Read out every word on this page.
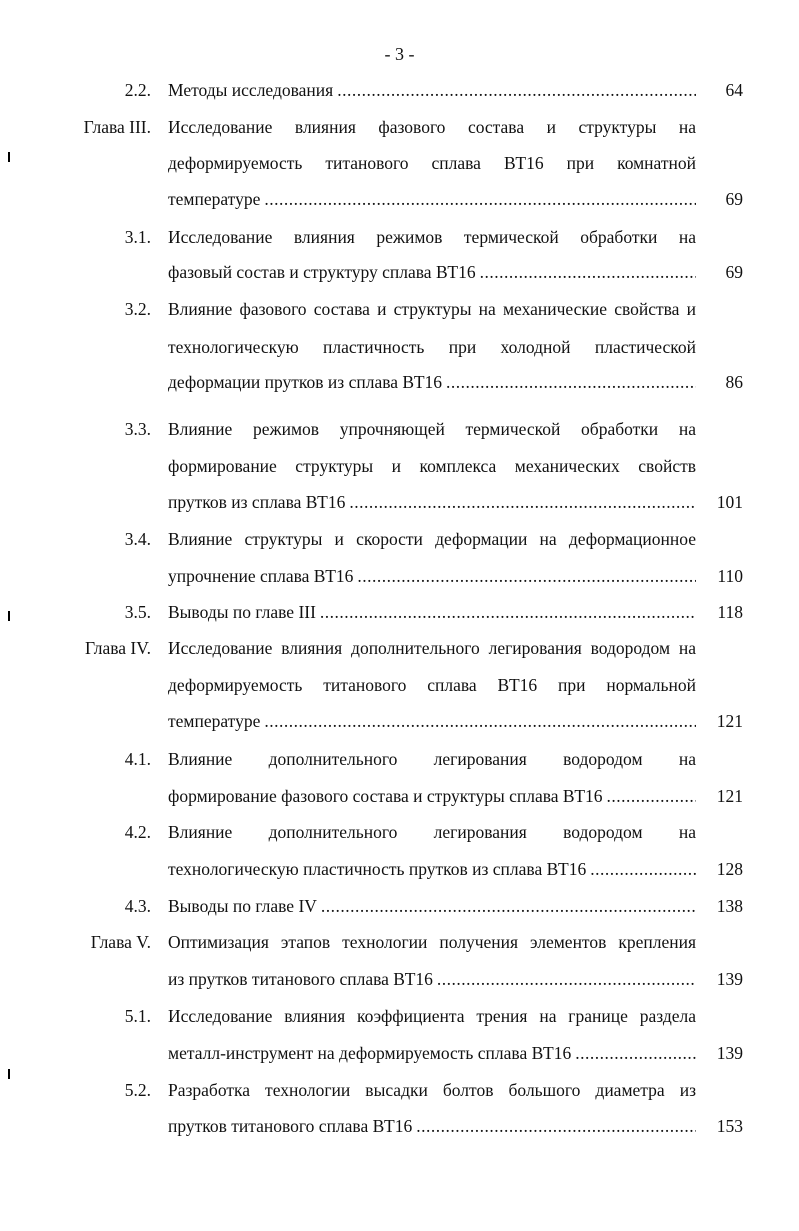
- 3 -
2.2. Методы исследования .....	64
Глава III. Исследование влияния фазового состава и структуры на
деформируемость титанового сплава ВТ16 при комнатной
температуре .....	69
3.1. Исследование влияния режимов термической обработки на
фазовый состав и структуру сплава ВТ16 .....	69
3.2. Влияние фазового состава и структуры на механические свойства и
технологическую пластичность при холодной пластической
деформации прутков из сплава ВТ16 .....	86
3.3. Влияние режимов упрочняющей термической обработки на
формирование структуры и комплекса механических свойств
прутков из сплава ВТ16 .....	101
3.4. Влияние структуры и скорости деформации на деформационное
упрочнение сплава ВТ16 .....	110
3.5. Выводы по главе III .....	118
Глава IV. Исследование влияния дополнительного легирования водородом на
деформируемость титанового сплава ВТ16 при нормальной
температуре .....	121
4.1. Влияние дополнительного легирования водородом на
формирование фазового состава и структуры сплава ВТ16 .....	121
4.2. Влияние дополнительного легирования водородом на
технологическую пластичность прутков из сплава ВТ16 .....	128
4.3. Выводы по главе IV .....	138
Глава V. Оптимизация этапов технологии получения элементов крепления
из прутков титанового сплава ВТ16 .....	139
5.1. Исследование влияния коэффициента трения на границе раздела
металл-инструмент на деформируемость сплава ВТ16 .....	139
5.2. Разработка технологии высадки болтов большого диаметра из
прутков титанового сплава ВТ16 .....	153
